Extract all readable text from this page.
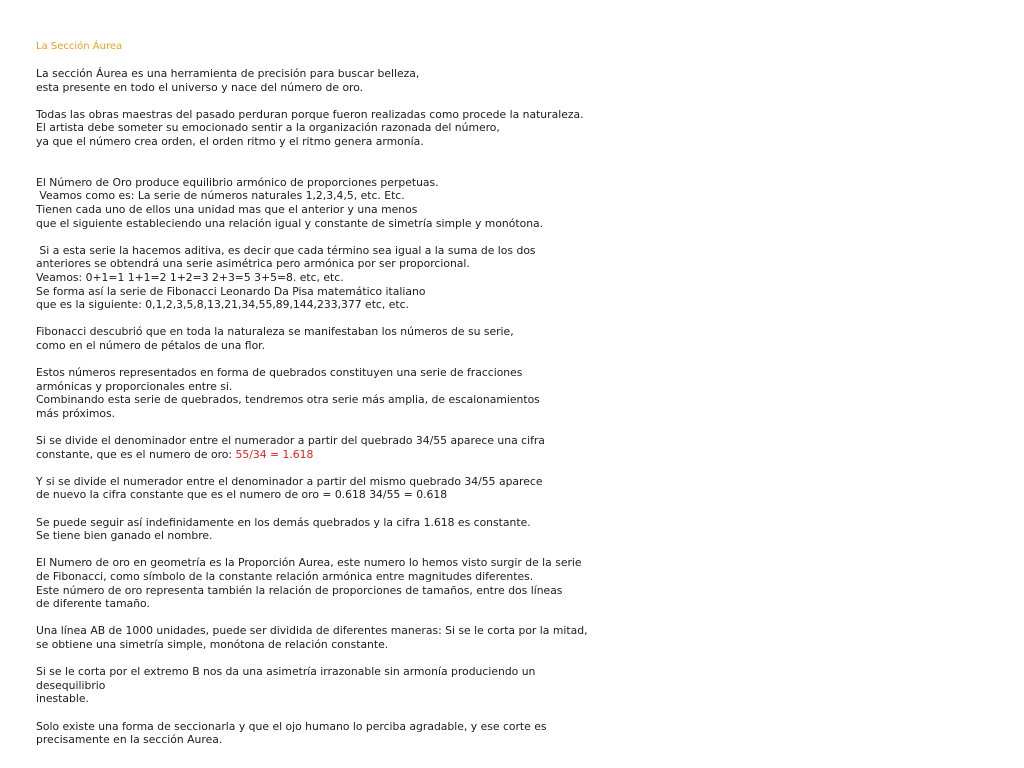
La Sección Áurea
La sección Áurea es una herramienta de precisión para buscar belleza,
esta presente en todo el universo y nace del número de oro.
Todas las obras maestras del pasado perduran porque fueron realizadas como procede la naturaleza.
El artista debe someter su emocionado sentir a la organización razonada del número,
ya que el número crea orden, el orden ritmo y el ritmo genera armonía.
El Número de Oro produce equilibrio armónico de proporciones perpetuas.
Veamos como es: La serie de números naturales 1,2,3,4,5, etc. Etc.
Tienen cada uno de ellos una unidad mas que el anterior y una menos
que el siguiente estableciendo una relación igual y constante de simetría simple y monótona.
Si a esta serie la hacemos aditiva, es decir que cada término sea igual a la suma de los dos
anteriores se obtendrá una serie asimétrica pero armónica por ser proporcional.
Veamos: 0+1=1 1+1=2 1+2=3 2+3=5 3+5=8. etc, etc.
Se forma así la serie de Fibonacci Leonardo Da Pisa matemático italiano
que es la siguiente: 0,1,2,3,5,8,13,21,34,55,89,144,233,377 etc, etc.
Fibonacci descubrió que en toda la naturaleza se manifestaban los números de su serie,
como en el número de pétalos de una flor.
Estos números representados en forma de quebrados constituyen una serie de fracciones
armónicas y proporcionales entre si.
Combinando esta serie de quebrados, tendremos otra serie más amplia, de escalonamientos
más próximos.
Si se divide el denominador entre el numerador a partir del quebrado 34/55 aparece una cifra
constante, que es el numero de oro: 55/34 = 1.618
Y si se divide el numerador entre el denominador a partir del mismo quebrado 34/55 aparece
de nuevo la cifra constante que es el numero de oro = 0.618 34/55 = 0.618
Se puede seguir así indefinidamente en los demás quebrados y la cifra 1.618 es constante.
Se tiene bien ganado el nombre.
El Numero de oro en geometría es la Proporción Aurea, este numero lo hemos visto surgir de la serie
de Fibonacci, como símbolo de la constante relación armónica entre magnitudes diferentes.
Este número de oro representa también la relación de proporciones de tamaños, entre dos líneas
de diferente tamaño.
Una línea AB de 1000 unidades, puede ser dividida de diferentes maneras: Si se le corta por la mitad,
se obtiene una simetría simple, monótona de relación constante.
Si se le corta por el extremo B nos da una asimetría irrazonable sin armonía produciendo un
desequilibrio
inestable.
Solo existe una forma de seccionarla y que el ojo humano lo perciba agradable, y ese corte es
precisamente en la sección Aurea.
